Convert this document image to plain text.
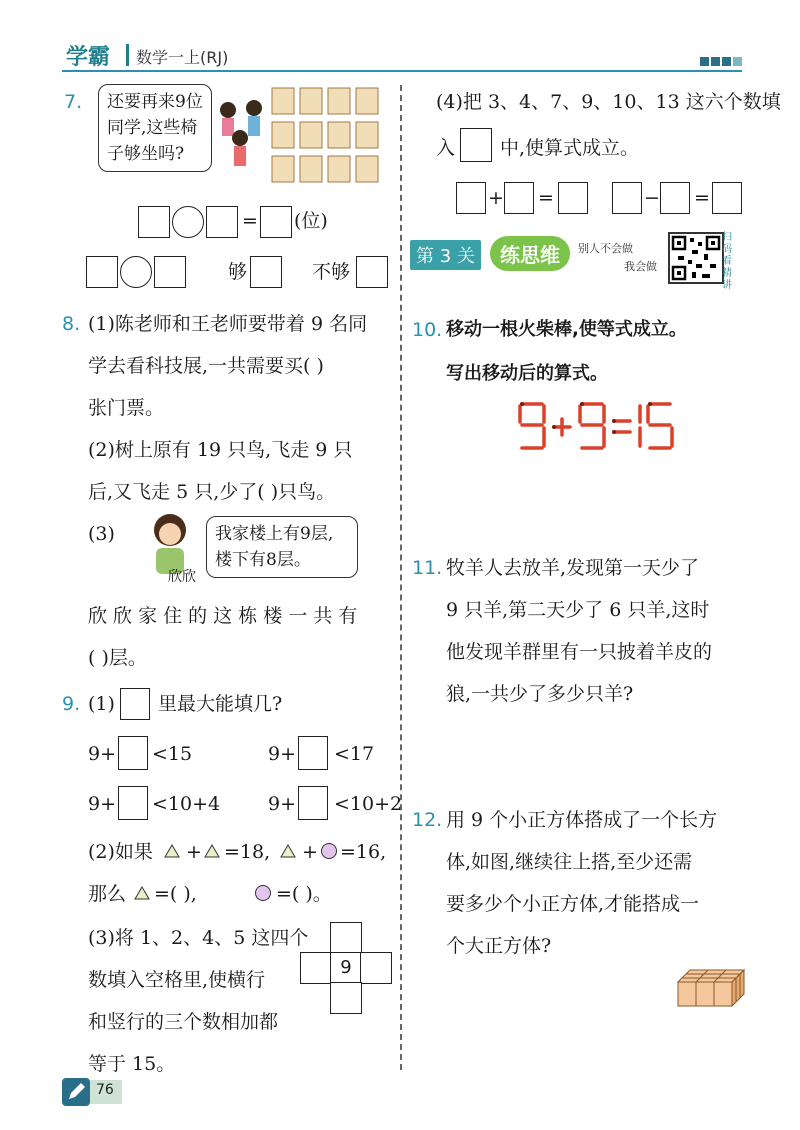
学霸 数学一上(RJ)
7. 还要再来9位
同学,这些椅
子够坐吗?
= (位)
够	不够
8. (1)陈老师和王老师要带着 9 名同
学去看科技展,一共需要买( )
张门票。
(2)树上原有 19 只鸟,飞走 9 只
后,又飞走 5 只,少了( )只鸟。
(3)
欣欣
我家楼上有9层,
楼下有8层。
欣 欣 家 住 的 这 栋 楼 一 共 有
( )层。
9. (1) 里最大能填几?
9+ <15	9+ <17
9+ <10+4	9+ <10+2
(2)如果 + =18, + =16,
那么 =( ),	=( )。
(3)将 1、2、4、5 这四个
数填入空格里,使横行
和竖行的三个数相加都
等于 15。
9
(4)把 3、4、7、9、10、13 这六个数填
入 中,使算式成立。
+ =	− =
第 3 关	练思维	别人不会做
我会做
扫码看精讲
10. 移动一根火柴棒,使等式成立。
写出移动后的算式。
11. 牧羊人去放羊,发现第一天少了
9 只羊,第二天少了 6 只羊,这时
他发现羊群里有一只披着羊皮的
狼,一共少了多少只羊?
12. 用 9 个小正方体搭成了一个长方
体,如图,继续往上搭,至少还需
要多少个小正方体,才能搭成一
个大正方体?
76
